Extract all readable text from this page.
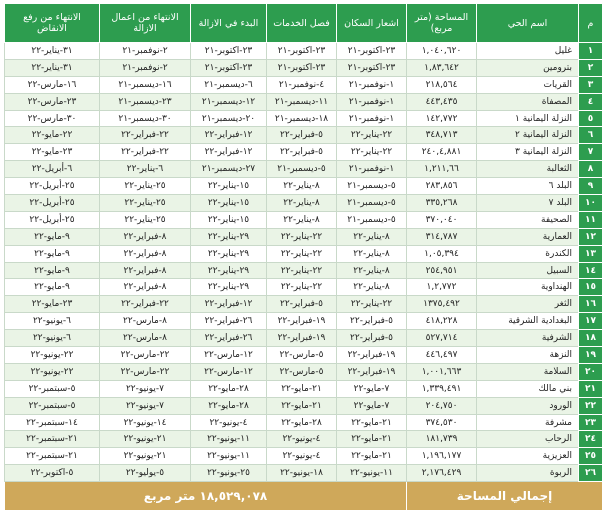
م	اسم الحي	المساحة (متر مربع)	اشعار السكان	فصل الخدمات	البدء في الازالة	الانتهاء من اعمال الازالة	الانتهاء من رفع الانقاض
١	غليل	١,٠٤٠,٦٢٠	٢٣-اكتوبر-٢١	٢٣-اكتوبر-٢١	٢٣-اكتوبر-٢١	٢-نوفمبر-٢١	٣١-يناير-٢٢
٢	بترومين	١,٨٣,٦٤٢	٢٣-اكتوبر-٢١	٢٣-اكتوبر-٢١	٢٣-اكتوبر-٢١	٢-نوفمبر-٢١	٣١-يناير-٢٢
٣	القريات	٢١٨,٥٦٤	١-نوفمبر-٢١	٤-نوفمبر-٢١	٦-ديسمبر-٢١	١٦-ديسمبر-٢١	١٦-مارس-٢٢
٤	المصفاة	٤٤٣,٤٣٥	١-نوفمبر-٢١	١١-ديسمبر-٢١	١٢-ديسمبر-٢١	٢٣-ديسمبر-٢١	٢٣-مارس-٢٢
٥	النزلة اليمانية ١	١٤٢,٧٧٢	١-نوفمبر-٢١	١٨-ديسمبر-٢١	٢٠-ديسمبر-٢١	٣٠-ديسمبر-٢١	٣٠-مارس-٢٢
٦	النزلة اليمانية ٢	٣٤٨,٧١٣	٢٢-يناير-٢٢	٥-فبراير-٢٢	١٢-فبراير-٢٢	٢٢-فبراير-٢٢	٢٢-مايو-٢٢
٧	النزلة اليمانية ٣	٢٤٠,٤,٨٨١	٢٢-يناير-٢٢	٥-فبراير-٢٢	١٢-فبراير-٢٢	٢٢-فبراير-٢٢	٢٣-مايو-٢٢
٨	الثعالبة	١,٢١١,٦٦	١-نوفمبر-٢١	٥-ديسمبر-٢١	٢٧-ديسمبر-٢١	٦-يناير-٢٢	٦-أبريل-٢٢
٩	البلد ٦	٢٨٣,٨٥٦	٥-ديسمبر-٢١	٨-يناير-٢٢	١٥-يناير-٢٢	٢٥-يناير-٢٢	٢٥-أبريل-٢٢
١٠	البلد ٧	٣٣٥,٢٦٨	٥-ديسمبر-٢١	٨-يناير-٢٢	١٥-يناير-٢٢	٢٥-يناير-٢٢	٢٥-أبريل-٢٢
١١	الصحيفة	٣٧٠,٠٤٠	٥-ديسمبر-٢١	٨-يناير-٢٢	١٥-يناير-٢٢	٢٥-يناير-٢٢	٢٥-أبريل-٢٢
١٢	العمارية	٣١٤,٧٨٧	٨-يناير-٢٢	٢٢-يناير-٢٢	٢٩-يناير-٢٢	٨-فبراير-٢٢	٩-مايو-٢٢
١٣	الكندرة	١,٠٥,٣٩٤	٨-يناير-٢٢	٢٢-يناير-٢٢	٢٩-يناير-٢٢	٨-فبراير-٢٢	٩-مايو-٢٢
١٤	السبيل	٢٥٤,٩٥١	٨-يناير-٢٢	٢٢-يناير-٢٢	٢٩-يناير-٢٢	٨-فبراير-٢٢	٩-مايو-٢٢
١٥	الهنداوية	١,٢,٧٧٢	٨-يناير-٢٢	٢٢-يناير-٢٢	٢٩-يناير-٢٢	٨-فبراير-٢٢	٩-مايو-٢٢
١٦	الثغر	١٣٧٥,٤٩٢	٢٢-يناير-٢٢	٥-فبراير-٢٢	١٢-فبراير-٢٢	٢٢-فبراير-٢٢	٢٣-مايو-٢٢
١٧	البغدادية الشرقية	٤١٨,٢٢٨	٥-فبراير-٢٢	١٩-فبراير-٢٢	٢٦-فبراير-٢٢	٨-مارس-٢٢	٦-يونيو-٢٢
١٨	الشرفية	٥٢٧,٧١٤	٥-فبراير-٢٢	١٩-فبراير-٢٢	٢٦-فبراير-٢٢	٨-مارس-٢٢	٦-يونيو-٢٢
١٩	النزهة	٤٤٦,٤٩٧	١٩-فبراير-٢٢	٥-مارس-٢٢	١٢-مارس-٢٢	٢٢-مارس-٢٢	٢٢-يونيو-٢٢
٢٠	السلامة	١,٠٠١,٦٦٣	١٩-فبراير-٢٢	٥-مارس-٢٢	١٢-مارس-٢٢	٢٢-مارس-٢٢	٢٢-يونيو-٢٢
٢١	بني مالك	١,٣٣٩,٤٩١	٧-مايو-٢٢	٢١-مايو-٢٢	٢٨-مايو-٢٢	٧-يونيو-٢٢	٥-سبتمبر-٢٢
٢٢	الورود	٢٠٤,٧٥٠	٧-مايو-٢٢	٢١-مايو-٢٢	٢٨-مايو-٢٢	٧-يونيو-٢٢	٥-سبتمبر-٢٢
٢٣	مشرفة	٣٧٤,٥٣٠	٢١-مايو-٢٢	٢٨-مايو-٢٢	٤-يونيو-٢٢	١٤-يونيو-٢٢	١٤-سبتمبر-٢٢
٢٤	الرحاب	١٨١,٧٣٩	٢١-مايو-٢٢	٤-يونيو-٢٢	١١-يونيو-٢٢	٢١-يونيو-٢٢	٢١-سبتمبر-٢٢
٢٥	العزيزية	١,١٩٦,١٧٧	٢١-مايو-٢٢	٤-يونيو-٢٢	١١-يونيو-٢٢	٢١-يونيو-٢٢	٢١-سبتمبر-٢٢
٢٦	الربوة	٢,١٧٦,٤٢٩	١١-يونيو-٢٢	١٨-يونيو-٢٢	٢٥-يونيو-٢٢	٥-يوليو-٢٢	٥-اكتوبر-٢٢
إجمالي المساحة			١٨,٥٢٩,٠٧٨ متر مربع				
